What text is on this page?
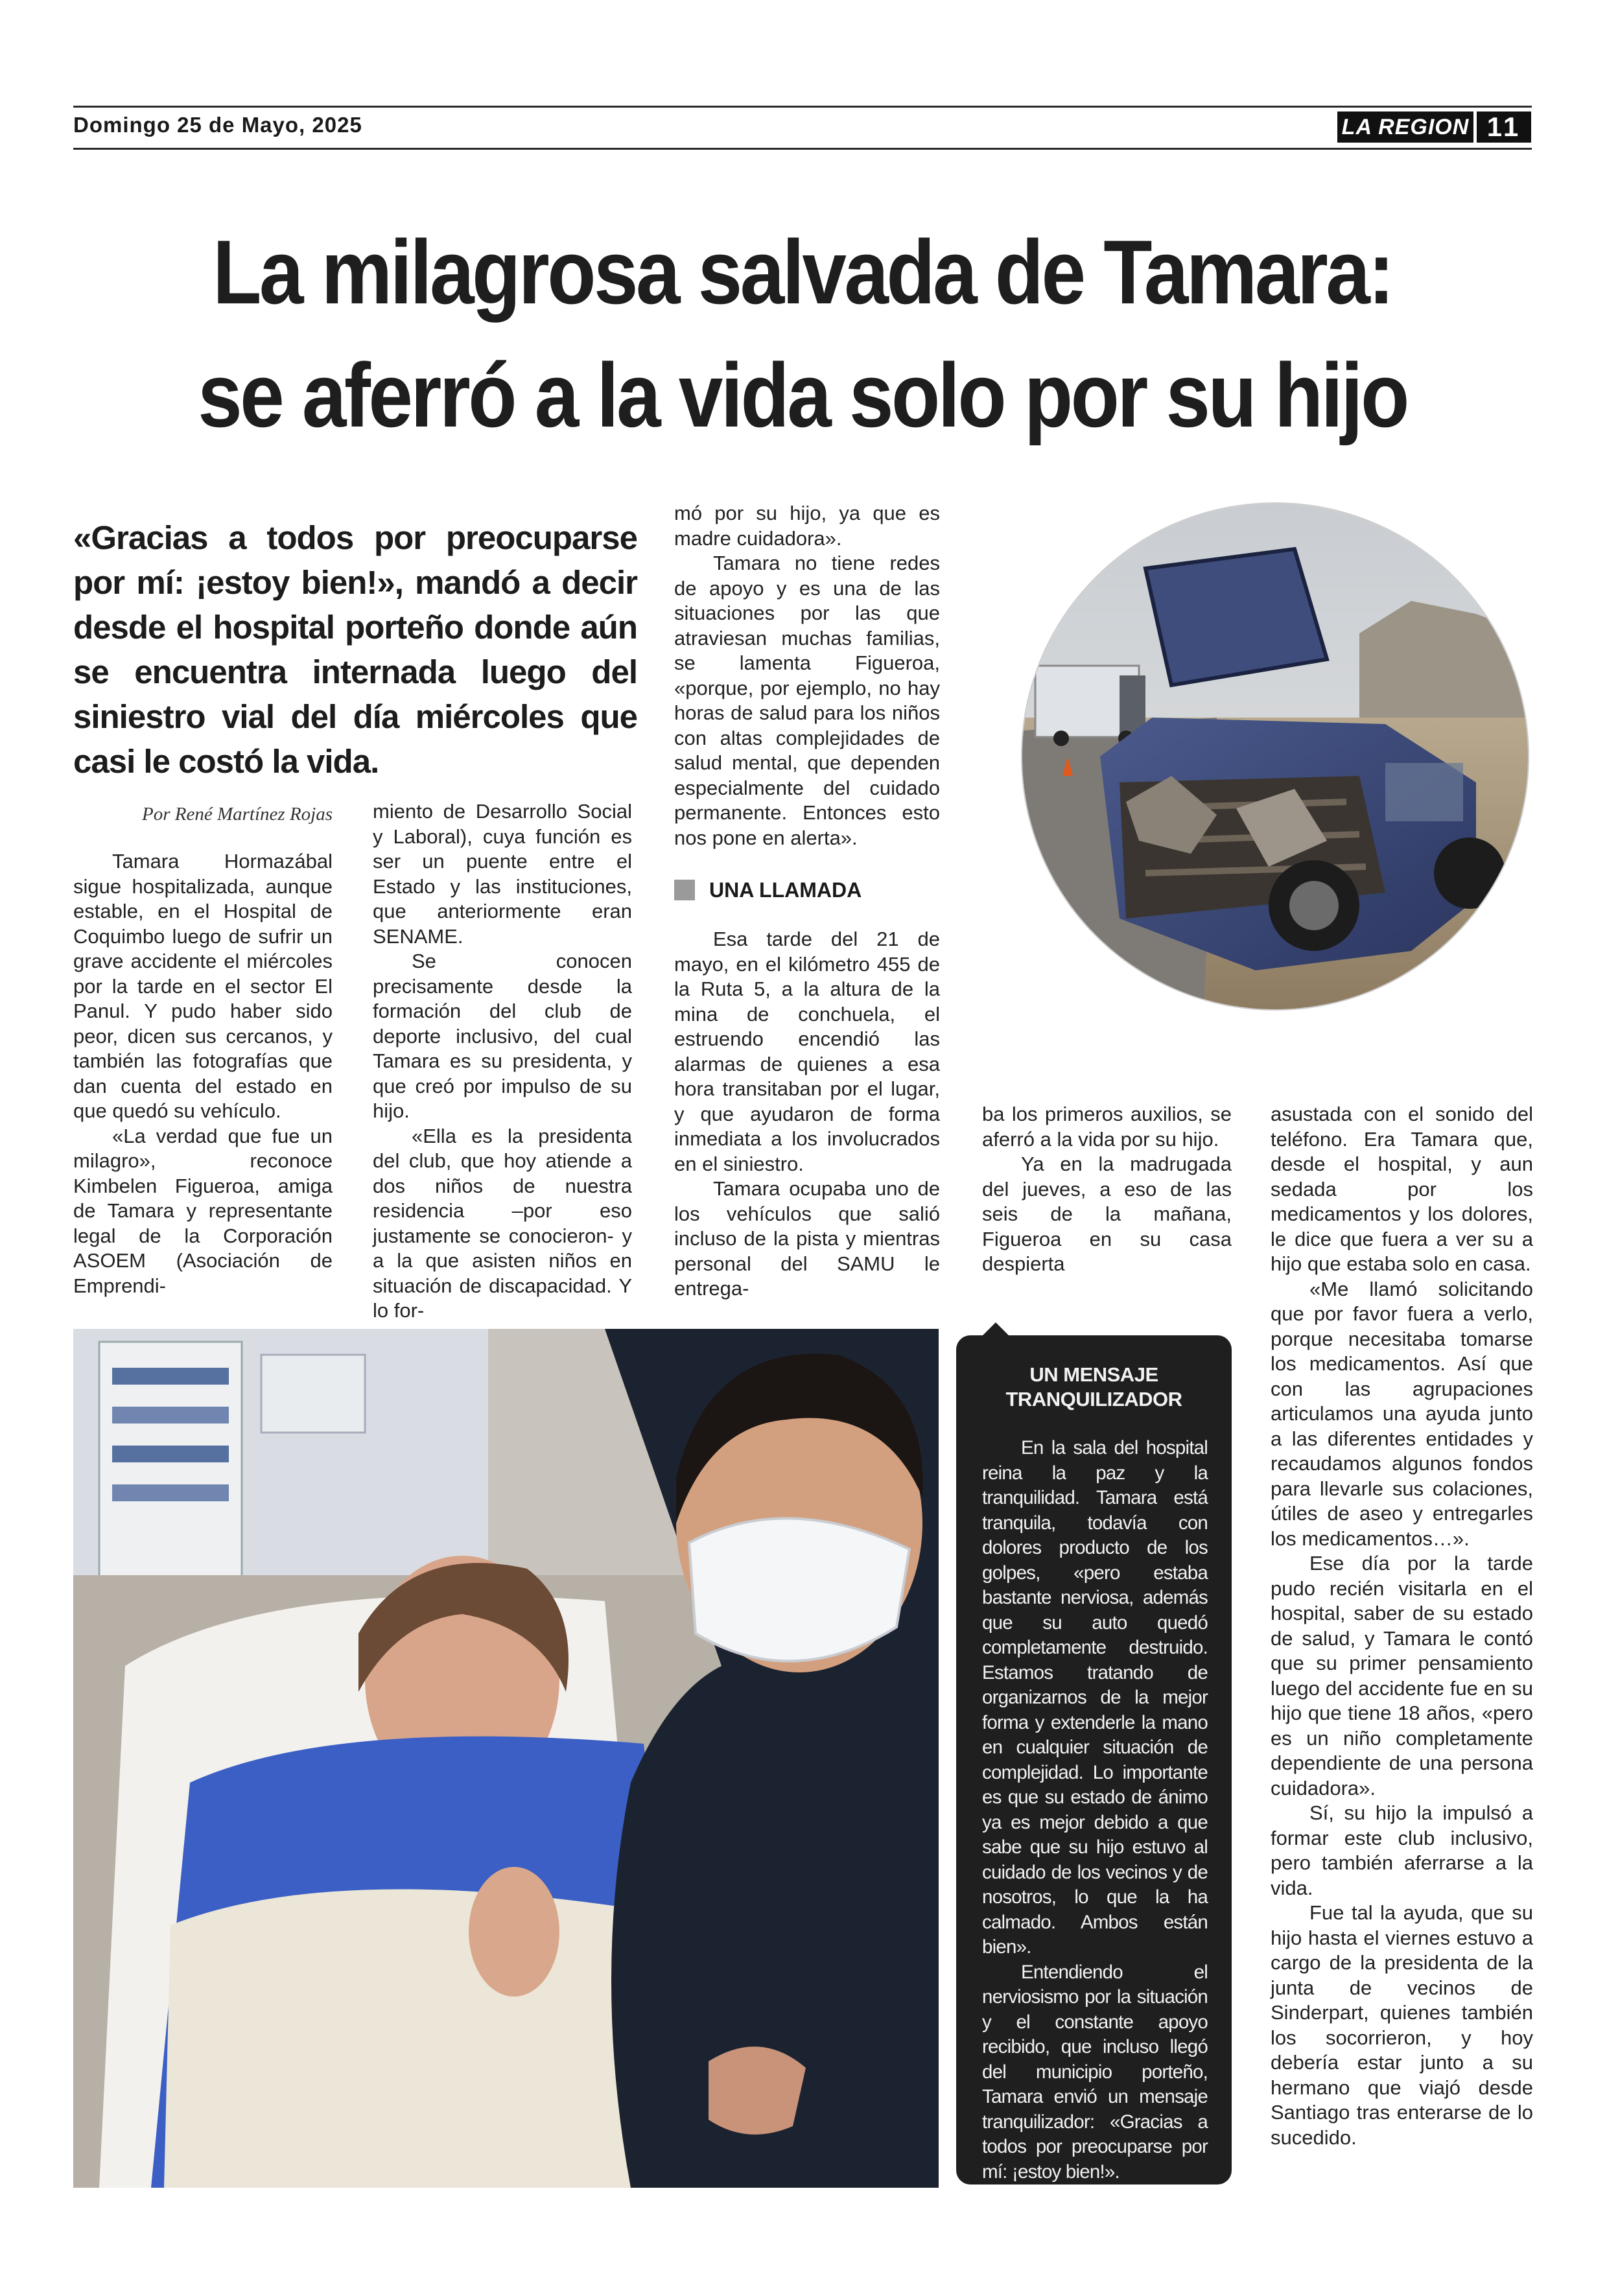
Domingo 25 de Mayo, 2025	LA REGION 11
La milagrosa salvada de Tamara:
se aferró a la vida solo por su hijo
«Gracias a todos por preocuparse por mí: ¡estoy bien!», mandó a decir desde el hospital porteño donde aún se encuentra internada luego del siniestro vial del día miércoles que casi le costó la vida.
Por René Martínez Rojas

Tamara Hormazábal sigue hospitalizada, aunque estable, en el Hospital de Coquimbo luego de sufrir un grave accidente el miércoles por la tarde en el sector El Panul. Y pudo haber sido peor, dicen sus cercanos, y también las fotografías que dan cuenta del estado en que quedó su vehículo.

«La verdad que fue un milagro», reconoce Kimbelen Figueroa, amiga de Tamara y representante legal de la Corporación ASOEM (Asociación de Emprendi-

miento de Desarrollo Social y Laboral), cuya función es ser un puente entre el Estado y las instituciones, que anteriormente eran SENAME.

Se conocen precisamente desde la formación del club de deporte inclusivo, del cual Tamara es su presidenta, y que creó por impulso de su hijo.

«Ella es la presidenta del club, que hoy atiende a dos niños de nuestra residencia –por eso justamente se conocieron- y a la que asisten niños en situación de discapacidad. Y lo for-

mó por su hijo, ya que es madre cuidadora».

Tamara no tiene redes de apoyo y es una de las situaciones por las que atraviesan muchas familias, se lamenta Figueroa, «porque, por ejemplo, no hay horas de salud para los niños con altas complejidades de salud mental, que dependen especialmente del cuidado permanente. Entonces esto nos pone en alerta».

UNA LLAMADA

Esa tarde del 21 de mayo, en el kilómetro 455 de la Ruta 5, a la altura de la mina de conchuela, el estruendo encendió las alarmas de quienes a esa hora transitaban por el lugar, y que ayudaron de forma inmediata a los involucrados en el siniestro.

Tamara ocupaba uno de los vehículos que salió incluso de la pista y mientras personal del SAMU le entrega-

ba los primeros auxilios, se aferró a la vida por su hijo.

Ya en la madrugada del jueves, a eso de las seis de la mañana, Figueroa en su casa despierta

asustada con el sonido del teléfono. Era Tamara que, desde el hospital, y aun sedada por los medicamentos y los dolores, le dice que fuera a ver su a hijo que estaba solo en casa.

«Me llamó solicitando que por favor fuera a verlo, porque necesitaba tomarse los medicamentos. Así que con las agrupaciones articulamos una ayuda junto a las diferentes entidades y recaudamos algunos fondos para llevarle sus colaciones, útiles de aseo y entregarles los medicamentos…».

Ese día por la tarde pudo recién visitarla en el hospital, saber de su estado de salud, y Tamara le contó que su primer pensamiento luego del accidente fue en su hijo que tiene 18 años, «pero es un niño completamente dependiente de una persona cuidadora».

Sí, su hijo la impulsó a formar este club inclusivo, pero también aferrarse a la vida.

Fue tal la ayuda, que su hijo hasta el viernes estuvo a cargo de la presidenta de la junta de vecinos de Sinderpart, quienes también los socorrieron, y hoy debería estar junto a su hermano que viajó desde Santiago tras enterarse de lo sucedido.

UN MENSAJE
TRANQUILIZADOR

En la sala del hospital reina la paz y la tranquilidad. Tamara está tranquila, todavía con dolores producto de los golpes, «pero estaba bastante nerviosa, además que su auto quedó completamente destruido. Estamos tratando de organizarnos de la mejor forma y extenderle la mano en cualquier situación de complejidad. Lo importante es que su estado de ánimo ya es mejor debido a que sabe que su hijo estuvo al cuidado de los vecinos y de nosotros, lo que la ha calmado. Ambos están bien».

Entendiendo el nerviosismo por la situación y el constante apoyo recibido, que incluso llegó del municipio porteño, Tamara envió un mensaje tranquilizador: «Gracias a todos por preocuparse por mí: ¡estoy bien!».
